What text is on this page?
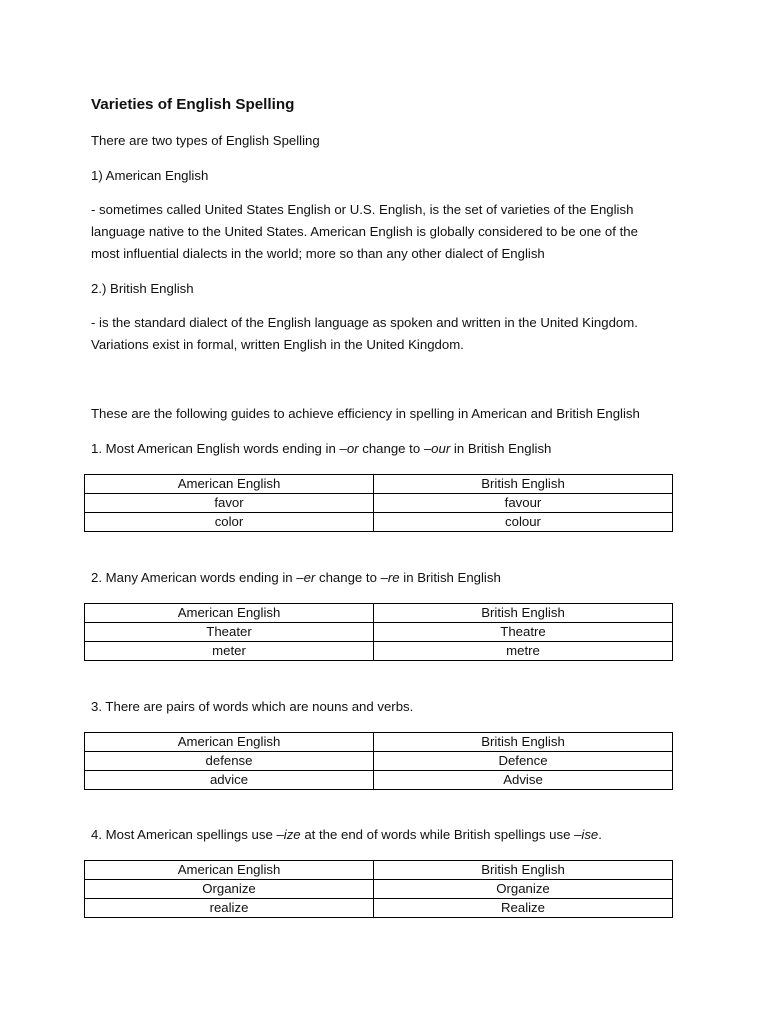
Varieties of English Spelling

There are two types of English Spelling

1) American English

- sometimes called United States English or U.S. English, is the set of varieties of the English

language native to the United States. American English is globally considered to be one of the

most influential dialects in the world; more so than any other dialect of English

2.) British English

- is the standard dialect of the English language as spoken and written in the United Kingdom.

Variations exist in formal, written English in the United Kingdom.

These are the following guides to achieve efficiency in spelling in American and British English

1. Most American English words ending in –or change to –our in British English

American English	British English
favor	favour
color	colour

2. Many American words ending in –er change to –re in British English

American English	British English
Theater	Theatre
meter	metre

3. There are pairs of words which are nouns and verbs.

American English	British English
defense	Defence
advice	Advise

4. Most American spellings use –ize at the end of words while British spellings use –ise.

American English	British English
Organize	Organize
realize	Realize
